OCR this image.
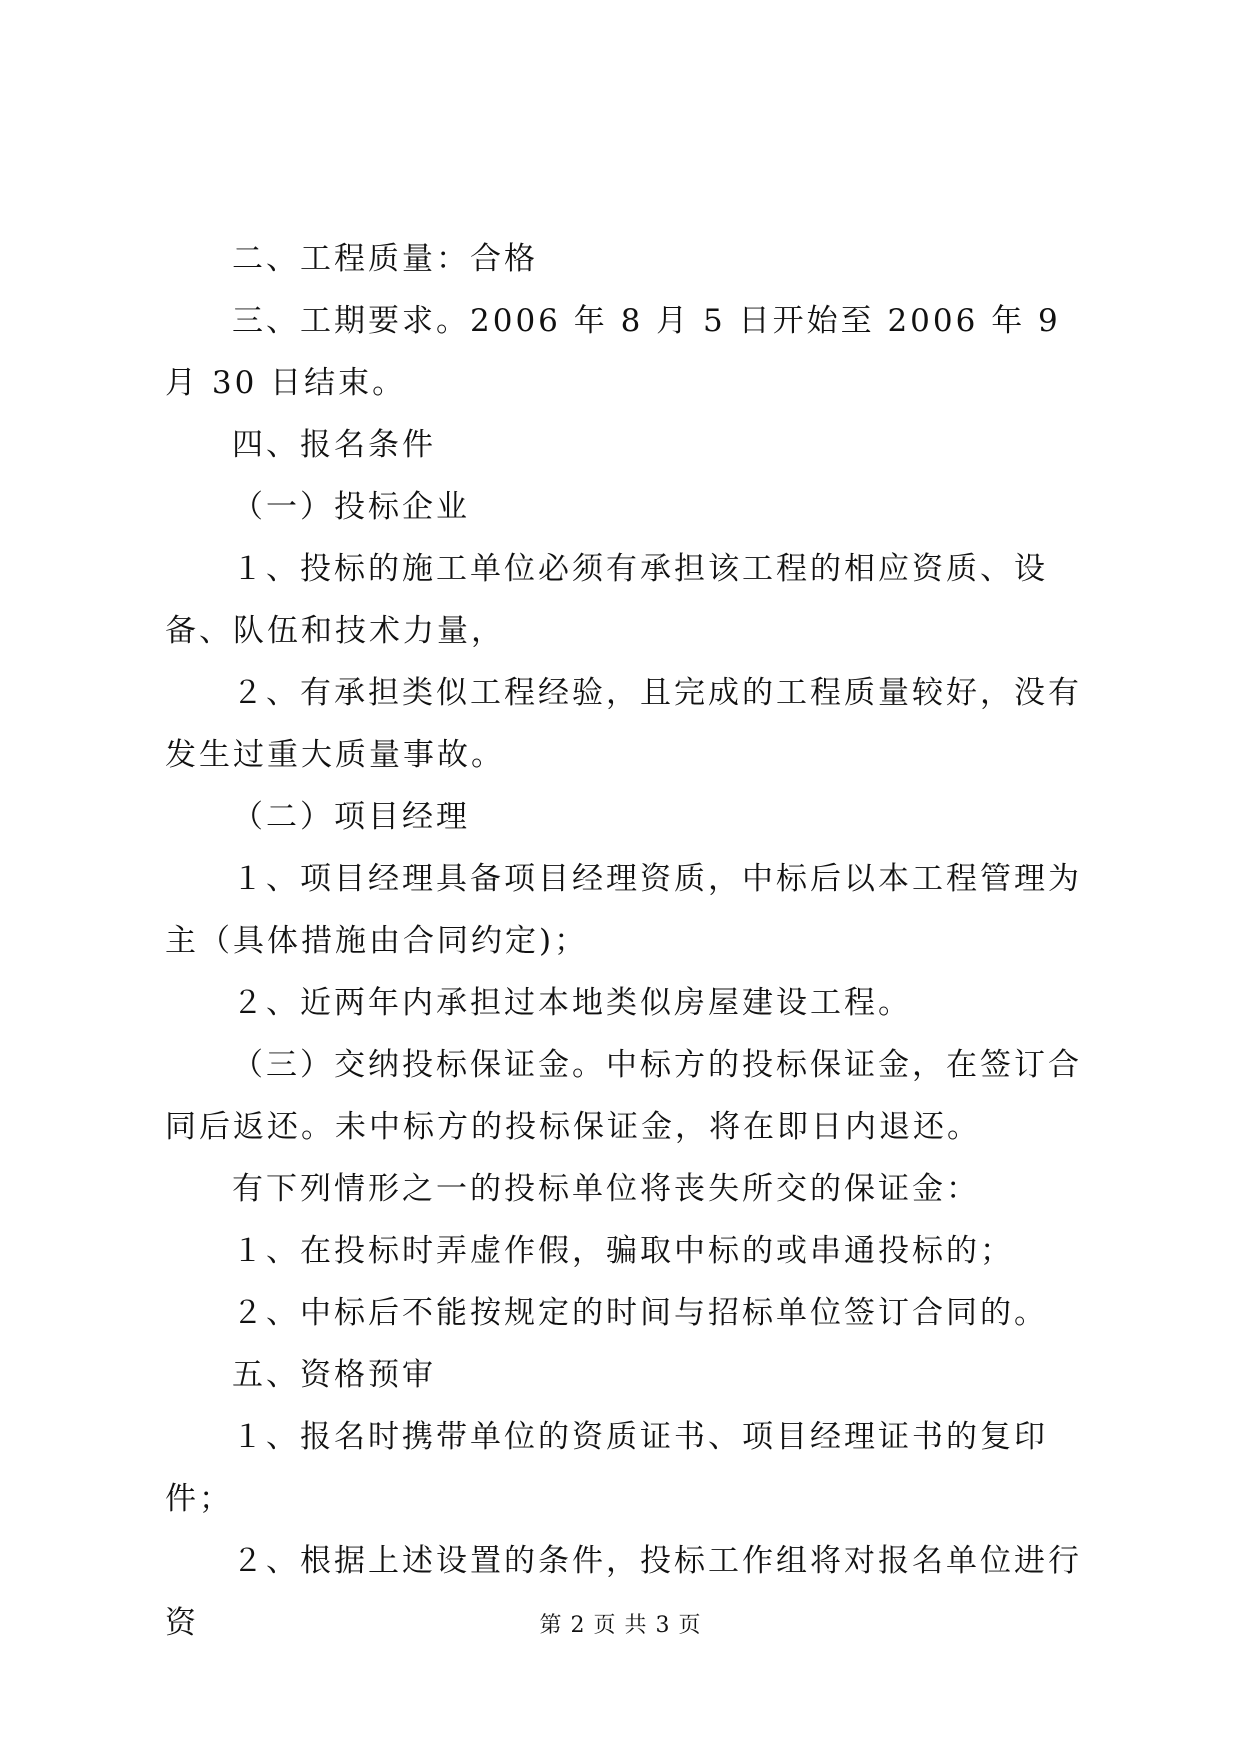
二、工程质量：合格

三、工期要求。2006 年 8 月 5 日开始至 2006 年 9 月 30 日结束。

四、报名条件

（一）投标企业

１、投标的施工单位必须有承担该工程的相应资质、设备、队伍和技术力量，

２、有承担类似工程经验，且完成的工程质量较好，没有发生过重大质量事故。

（二）项目经理

１、项目经理具备项目经理资质，中标后以本工程管理为主（具体措施由合同约定)；

２、近两年内承担过本地类似房屋建设工程。

（三）交纳投标保证金。中标方的投标保证金，在签订合同后返还。未中标方的投标保证金，将在即日内退还。

有下列情形之一的投标单位将丧失所交的保证金：

１、在投标时弄虚作假，骗取中标的或串通投标的；

２、中标后不能按规定的时间与招标单位签订合同的。

五、资格预审

１、报名时携带单位的资质证书、项目经理证书的复印件；

２、根据上述设置的条件，投标工作组将对报名单位进行资	第 2 页 共 3 页
